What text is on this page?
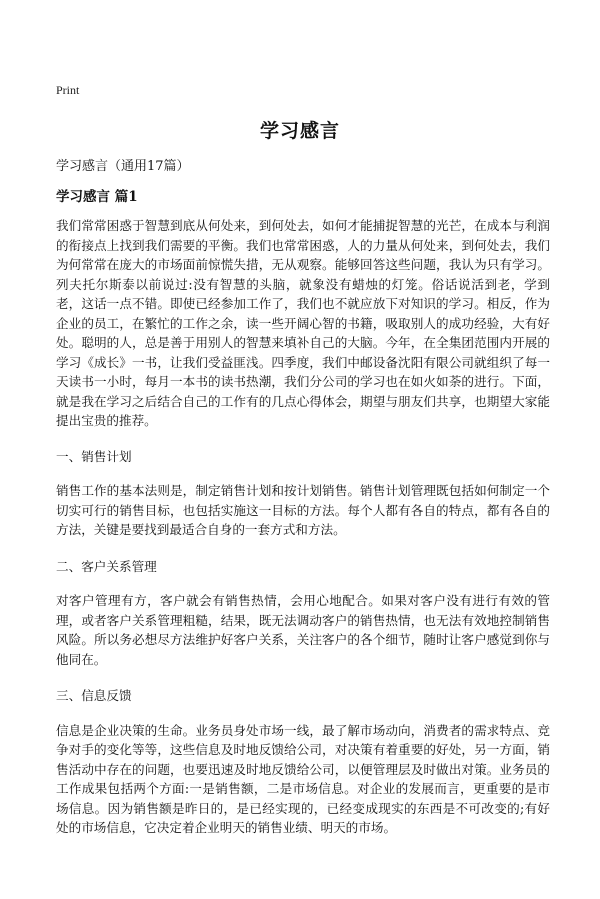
Print
学习感言

学习感言（通用17篇）

学习感言 篇1

我们常常困惑于智慧到底从何处来，到何处去，如何才能捕捉智慧的光芒，在成本与利润的衔接点上找到我们需要的平衡。我们也常常困惑，人的力量从何处来，到何处去，我们为何常常在庞大的市场面前惊慌失措，无从观察。能够回答这些问题，我认为只有学习。列夫托尔斯泰以前说过:没有智慧的头脑，就象没有蜡烛的灯笼。俗话说活到老，学到老，这话一点不错。即使已经参加工作了，我们也不就应放下对知识的学习。相反，作为企业的员工，在繁忙的工作之余，读一些开阔心智的书籍，吸取别人的成功经验，大有好处。聪明的人，总是善于用别人的智慧来填补自己的大脑。今年，在全集团范围内开展的学习《成长》一书，让我们受益匪浅。四季度，我们中邮设备沈阳有限公司就组织了每一天读书一小时，每月一本书的读书热潮，我们分公司的学习也在如火如荼的进行。下面，就是我在学习之后结合自己的工作有的几点心得体会，期望与朋友们共享，也期望大家能提出宝贵的推荐。

一、销售计划

销售工作的基本法则是，制定销售计划和按计划销售。销售计划管理既包括如何制定一个切实可行的销售目标，也包括实施这一目标的方法。每个人都有各自的特点，都有各自的方法，关键是要找到最适合自身的一套方式和方法。

二、客户关系管理

对客户管理有方，客户就会有销售热情，会用心地配合。如果对客户没有进行有效的管理，或者客户关系管理粗糙，结果，既无法调动客户的销售热情，也无法有效地控制销售风险。所以务必想尽方法维护好客户关系，关注客户的各个细节，随时让客户感觉到你与他同在。

三、信息反馈

信息是企业决策的生命。业务员身处市场一线，最了解市场动向，消费者的需求特点、竞争对手的变化等等，这些信息及时地反馈给公司，对决策有着重要的好处，另一方面，销售活动中存在的问题，也要迅速及时地反馈给公司，以便管理层及时做出对策。业务员的工作成果包括两个方面:一是销售额，二是市场信息。对企业的发展而言，更重要的是市场信息。因为销售额是昨日的，是已经实现的，已经变成现实的东西是不可改变的;有好处的市场信息，它决定着企业明天的销售业绩、明天的市场。
